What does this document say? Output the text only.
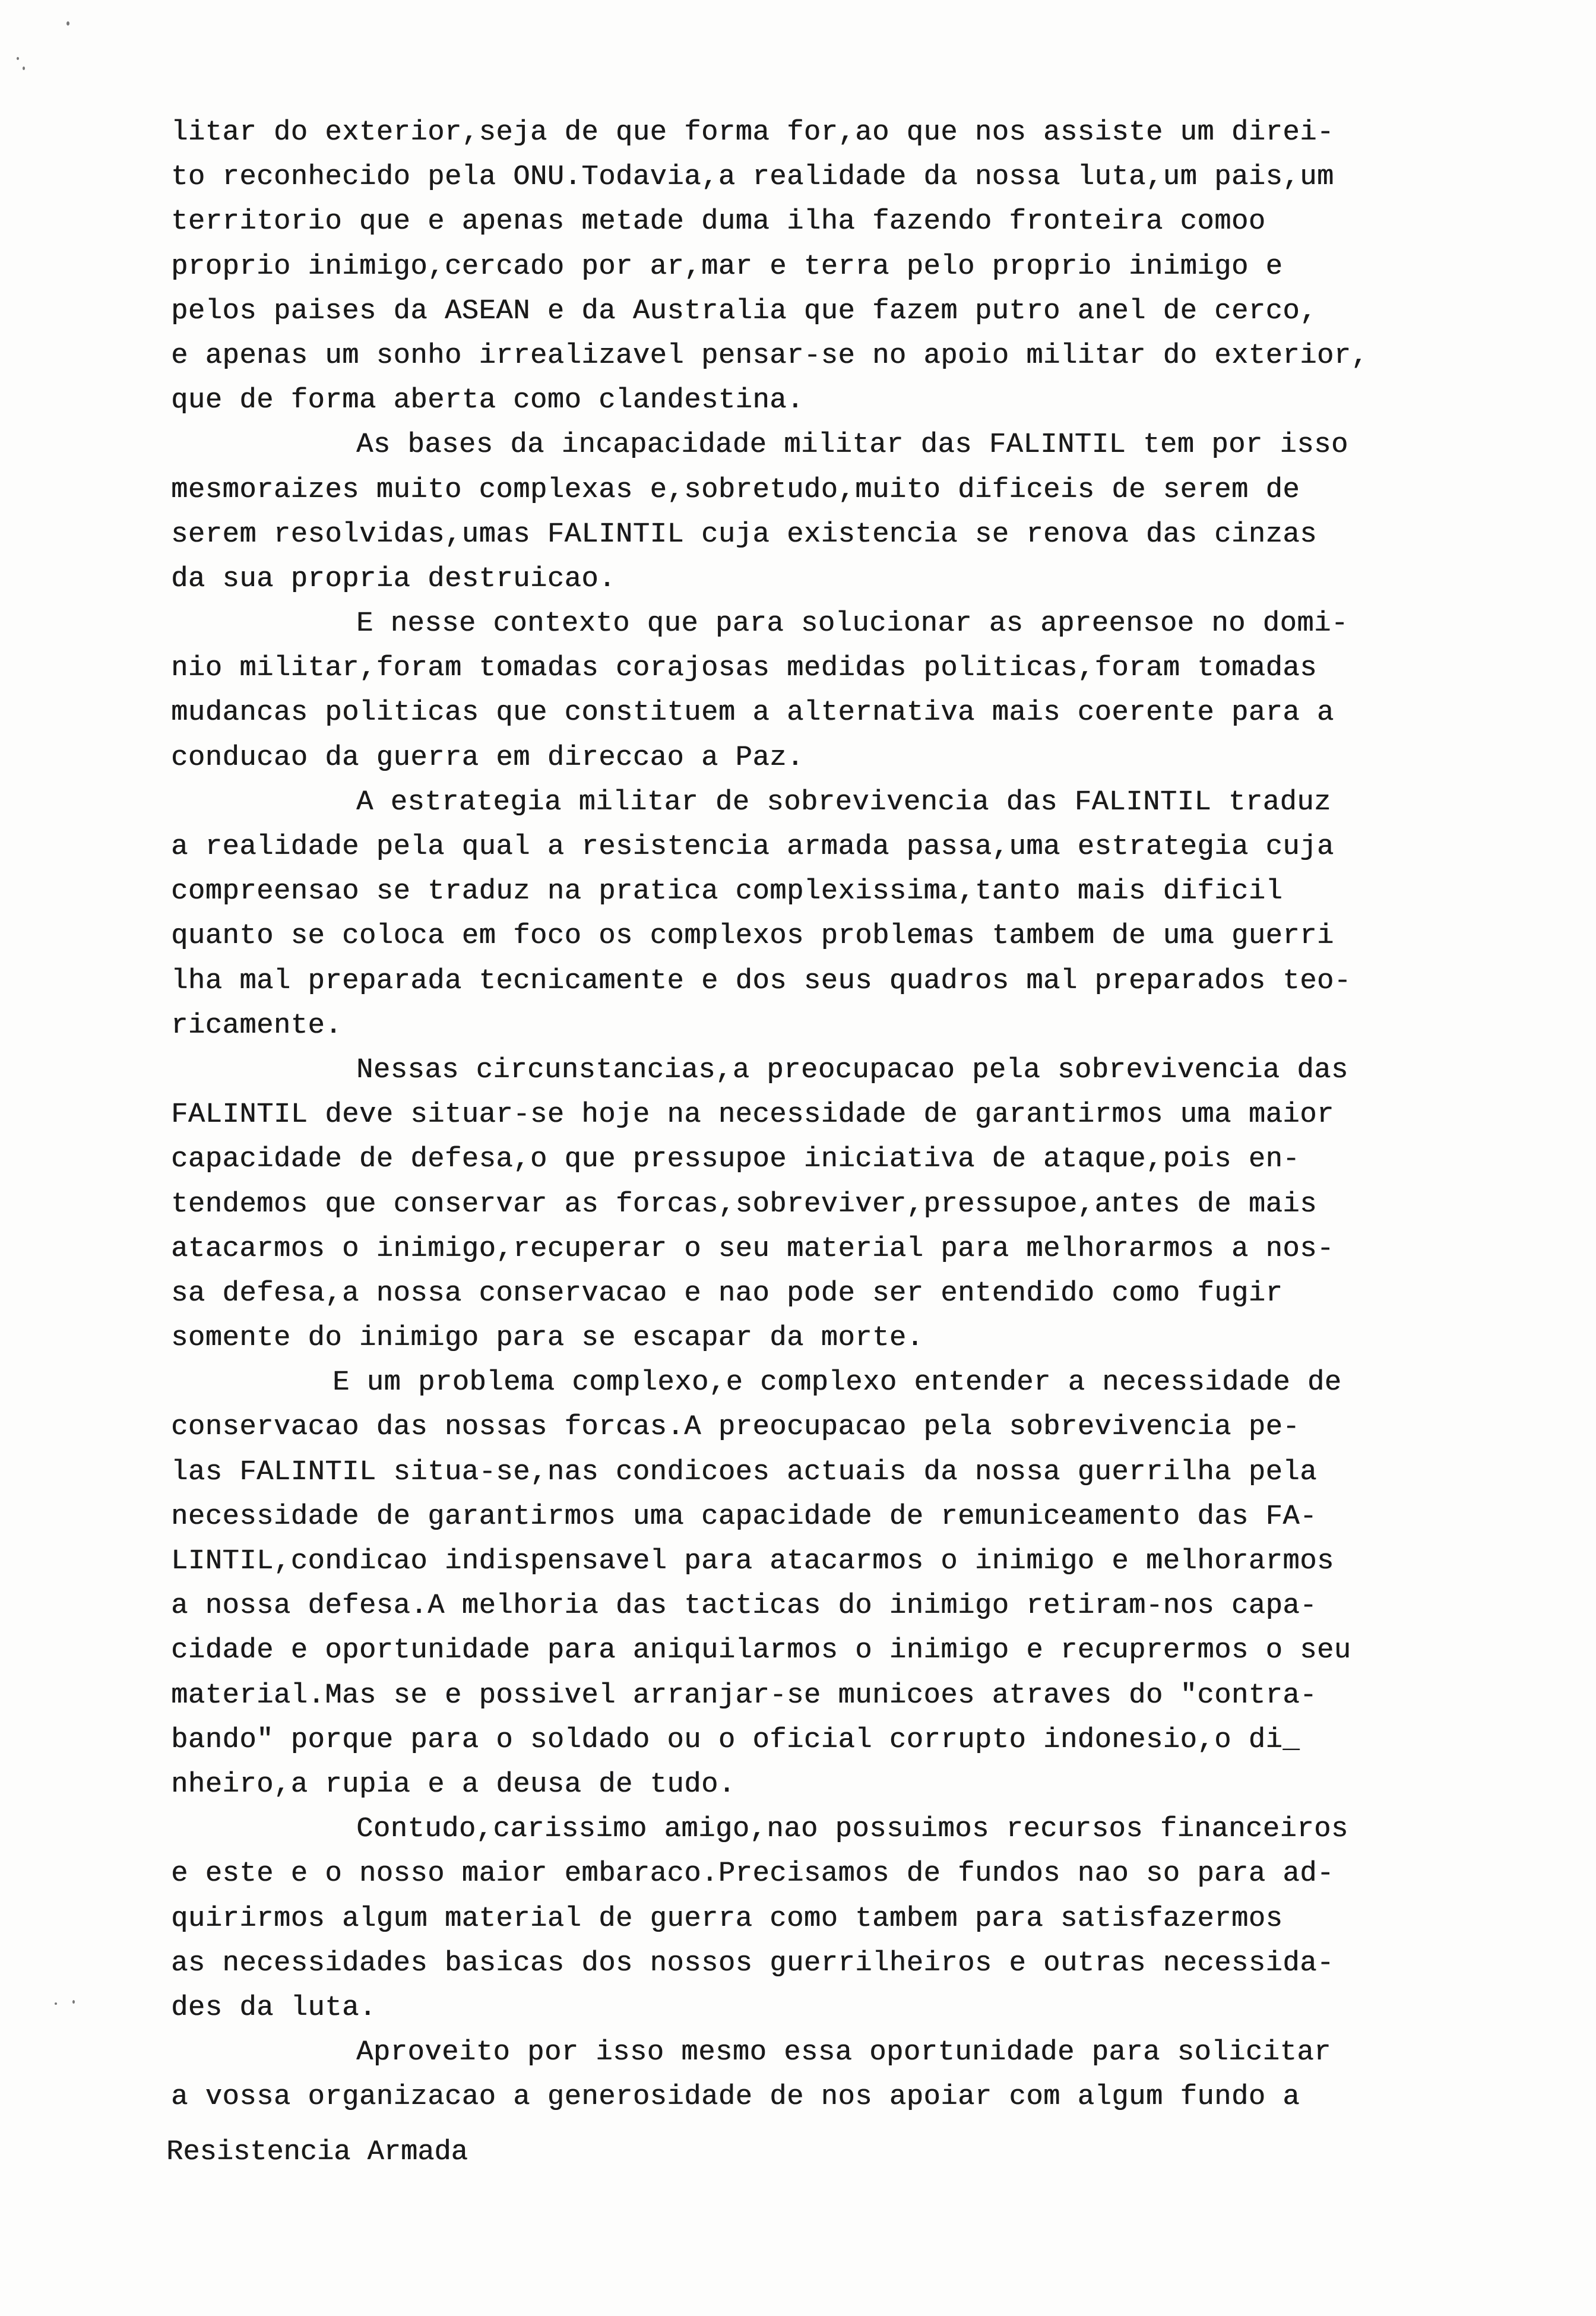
litar do exterior,seja de que forma for,ao que nos assiste um direi-
to reconhecido pela ONU.Todavia,a realidade da nossa luta,um pais,um
territorio que e apenas metade duma ilha fazendo fronteira comoo
proprio inimigo,cercado por ar,mar e terra pelo proprio inimigo e
pelos paises da ASEAN e da Australia que fazem putro anel de cerco,
e apenas um sonho irrealizavel pensar-se no apoio militar do exterior,
que de forma aberta como clandestina.
As bases da incapacidade militar das FALINTIL tem por isso
mesmoraizes muito complexas e,sobretudo,muito dificeis de serem de
serem resolvidas,umas FALINTIL cuja existencia se renova das cinzas
da sua propria destruicao.
E nesse contexto que para solucionar as apreensoe no domi-
nio militar,foram tomadas corajosas medidas politicas,foram tomadas
mudancas politicas que constituem a alternativa mais coerente para a
conducao da guerra em direccao a Paz.
A estrategia militar de sobrevivencia das FALINTIL traduz
a realidade pela qual a resistencia armada passa,uma estrategia cuja
compreensao se traduz na pratica complexissima,tanto mais dificil
quanto se coloca em foco os complexos problemas tambem de uma guerri
lha mal preparada tecnicamente e dos seus quadros mal preparados teo-
ricamente.
Nessas circunstancias,a preocupacao pela sobrevivencia das
FALINTIL deve situar-se hoje na necessidade de garantirmos uma maior
capacidade de defesa,o que pressupoe iniciativa de ataque,pois en-
tendemos que conservar as forcas,sobreviver,pressupoe,antes de mais
atacarmos o inimigo,recuperar o seu material para melhorarmos a nos-
sa defesa,a nossa conservacao e nao pode ser entendido como fugir
somente do inimigo para se escapar da morte.
E um problema complexo,e complexo entender a necessidade de
conservacao das nossas forcas.A preocupacao pela sobrevivencia pe-
las FALINTIL situa-se,nas condicoes actuais da nossa guerrilha pela
necessidade de garantirmos uma capacidade de remuniceamento das FA-
LINTIL,condicao indispensavel para atacarmos o inimigo e melhorarmos
a nossa defesa.A melhoria das tacticas do inimigo retiram-nos capa-
cidade e oportunidade para aniquilarmos o inimigo e recuprermos o seu
material.Mas se e possivel arranjar-se municoes atraves do "contra-
bando" porque para o soldado ou o oficial corrupto indonesio,o di_
nheiro,a rupia e a deusa de tudo.
Contudo,carissimo amigo,nao possuimos recursos financeiros
e este e o nosso maior embaraco.Precisamos de fundos nao so para ad-
quirirmos algum material de guerra como tambem para satisfazermos
as necessidades basicas dos nossos guerrilheiros e outras necessida-
des da luta.
Aproveito por isso mesmo essa oportunidade para solicitar
a vossa organizacao a generosidade de nos apoiar com algum fundo a
Resistencia Armada
